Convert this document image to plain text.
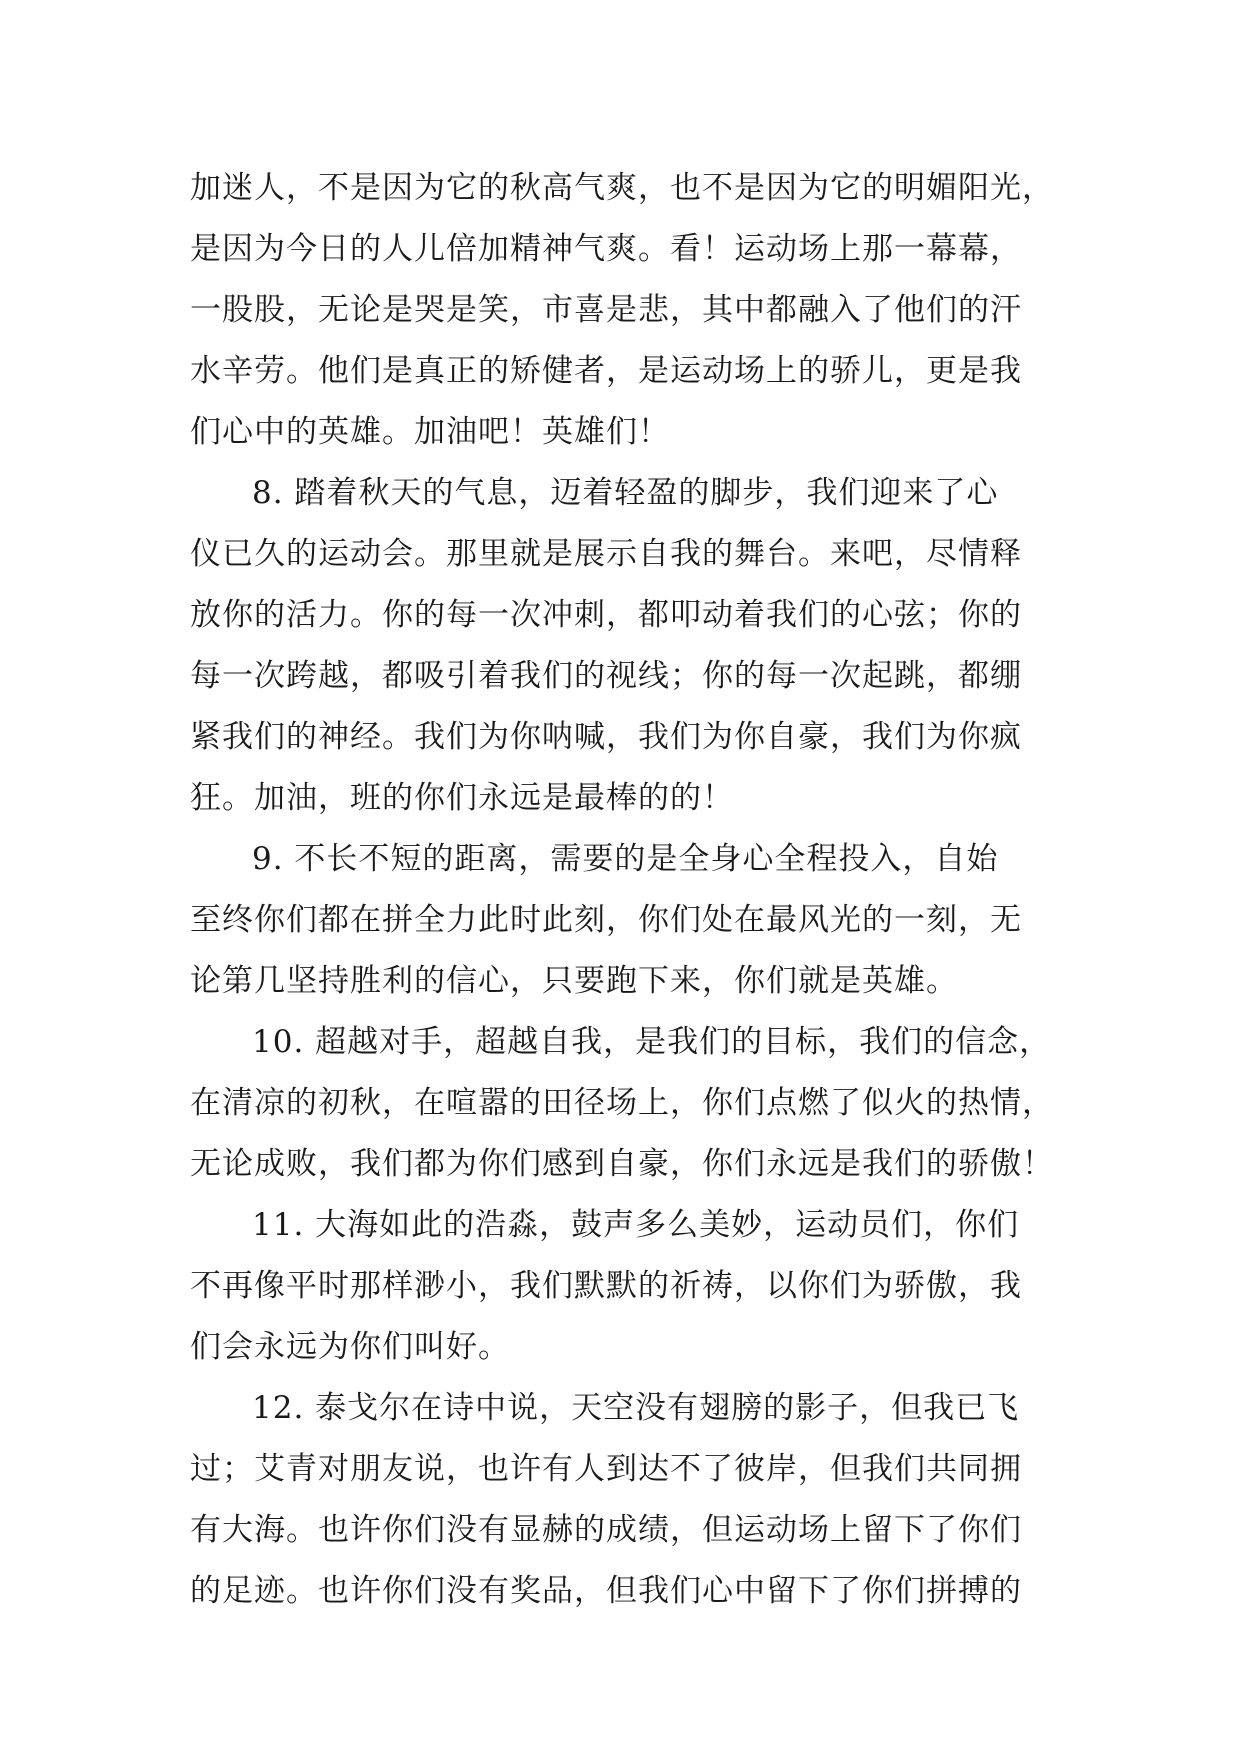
加迷人，不是因为它的秋高气爽，也不是因为它的明媚阳光，
是因为今日的人儿倍加精神气爽。看！运动场上那一幕幕，
一股股，无论是哭是笑，市喜是悲，其中都融入了他们的汗
水辛劳。他们是真正的矫健者，是运动场上的骄儿，更是我
们心中的英雄。加油吧！英雄们！
8. 踏着秋天的气息，迈着轻盈的脚步，我们迎来了心
仪已久的运动会。那里就是展示自我的舞台。来吧，尽情释
放你的活力。你的每一次冲刺，都叩动着我们的心弦；你的
每一次跨越，都吸引着我们的视线；你的每一次起跳，都绷
紧我们的神经。我们为你呐喊，我们为你自豪，我们为你疯
狂。加油，班的你们永远是最棒的的！
9. 不长不短的距离，需要的是全身心全程投入，自始
至终你们都在拼全力此时此刻，你们处在最风光的一刻，无
论第几坚持胜利的信心，只要跑下来，你们就是英雄。
10. 超越对手，超越自我，是我们的目标，我们的信念，
在清凉的初秋，在喧嚣的田径场上，你们点燃了似火的热情，
无论成败，我们都为你们感到自豪，你们永远是我们的骄傲！
11. 大海如此的浩淼，鼓声多么美妙，运动员们，你们
不再像平时那样渺小，我们默默的祈祷，以你们为骄傲，我
们会永远为你们叫好。
12. 泰戈尔在诗中说，天空没有翅膀的影子，但我已飞
过；艾青对朋友说，也许有人到达不了彼岸，但我们共同拥
有大海。也许你们没有显赫的成绩，但运动场上留下了你们
的足迹。也许你们没有奖品，但我们心中留下了你们拼搏的
